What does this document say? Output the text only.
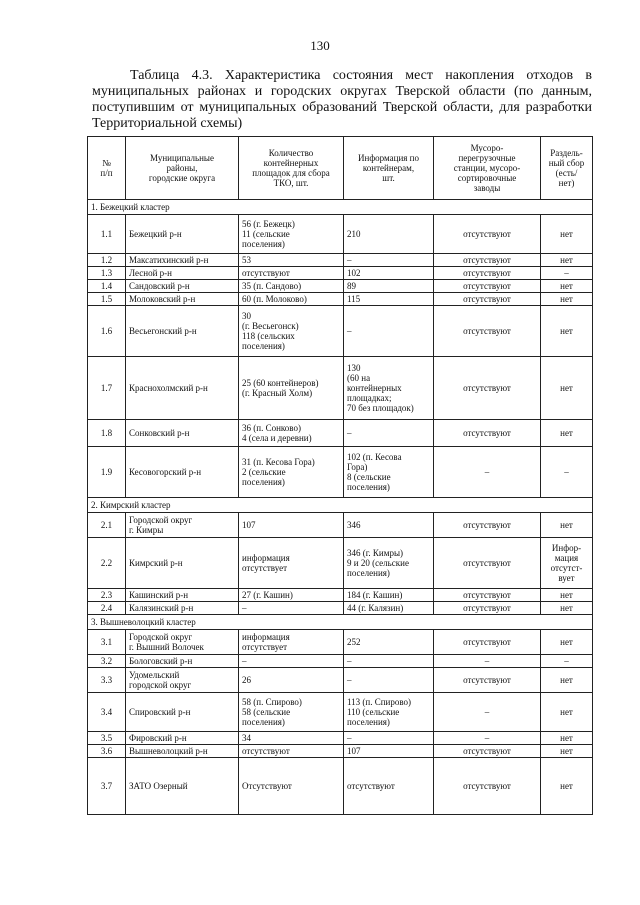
130
Таблица 4.3. Характеристика состояния мест накопления отходов в муниципальных районах и городских округах Тверской области (по данным, поступившим от муниципальных образований Тверской области, для разработки Территориальной схемы)
№
п/п	Муниципальные
районы,
городские округа	Количество
контейнерных
площадок для сбора
ТКО, шт.	Информация по
контейнерам,
шт.	Мусоро-
перегрузочные
станции, мусоро-
сортировочные
заводы	Раздель-
ный сбор
(есть/
нет)

1. Бежецкий кластер					

1.1	Бежецкий р-н	56 (г. Бежецк)
11 (сельские
поселения)	210	отсутствуют	нет

1.2	Максатихинский р-н	53	–	отсутствуют	нет

1.3	Лесной р-н	отсутствуют	102	отсутствуют	–

1.4	Сандовский р-н	35 (п. Сандово)	89	отсутствуют	нет

1.5	Молоковский р-н	60 (п. Молоково)	115	отсутствуют	нет

1.6	Весьегонский р-н	30
(г. Весьегонск)
118 (сельских
поселения)	–	отсутствуют	нет

1.7	Краснохолмский р-н	25 (60 контейнеров)
(г. Красный Холм)	130
(60 на
контейнерных
площадках;
70 без площадок)	отсутствуют	нет

1.8	Сонковский р-н	36 (п. Сонково)
4 (села и деревни)	–	отсутствуют	нет

1.9	Кесовогорский р-н	31 (п. Кесова Гора)
2 (сельские
поселения)	102 (п. Кесова
Гора)
8 (сельские
поселения)	–	–

2. Кимрский кластер					

2.1	Городской округ
г. Кимры	107	346	отсутствуют	нет

2.2	Кимрский р-н	информация
отсутствует	346 (г. Кимры)
9 и 20 (сельские
поселения)	отсутствуют	Инфор-
мация
отсутст-
вует

2.3	Кашинский р-н	27 (г. Кашин)	184 (г. Кашин)	отсутствуют	нет

2.4	Калязинский р-н	–	44 (г. Калязин)	отсутствуют	нет

3. Вышневолоцкий кластер					

3.1	Городской округ
г. Вышний Волочек	информация
отсутствует	252	отсутствуют	нет

3.2	Бологовский р-н	–	–	–	–

3.3	Удомельский
городской округ	26	–	отсутствуют	нет

3.4	Спировский р-н	58 (п. Спирово)
58 (сельские
поселения)	113 (п. Спирово)
110 (сельские
поселения)	–	нет

3.5	Фировский р-н	34	–	–	нет

3.6	Вышневолоцкий р-н	отсутствуют	107	отсутствуют	нет

3.7	ЗАТО Озерный	Отсутствуют	отсутствуют	отсутствуют	нет
